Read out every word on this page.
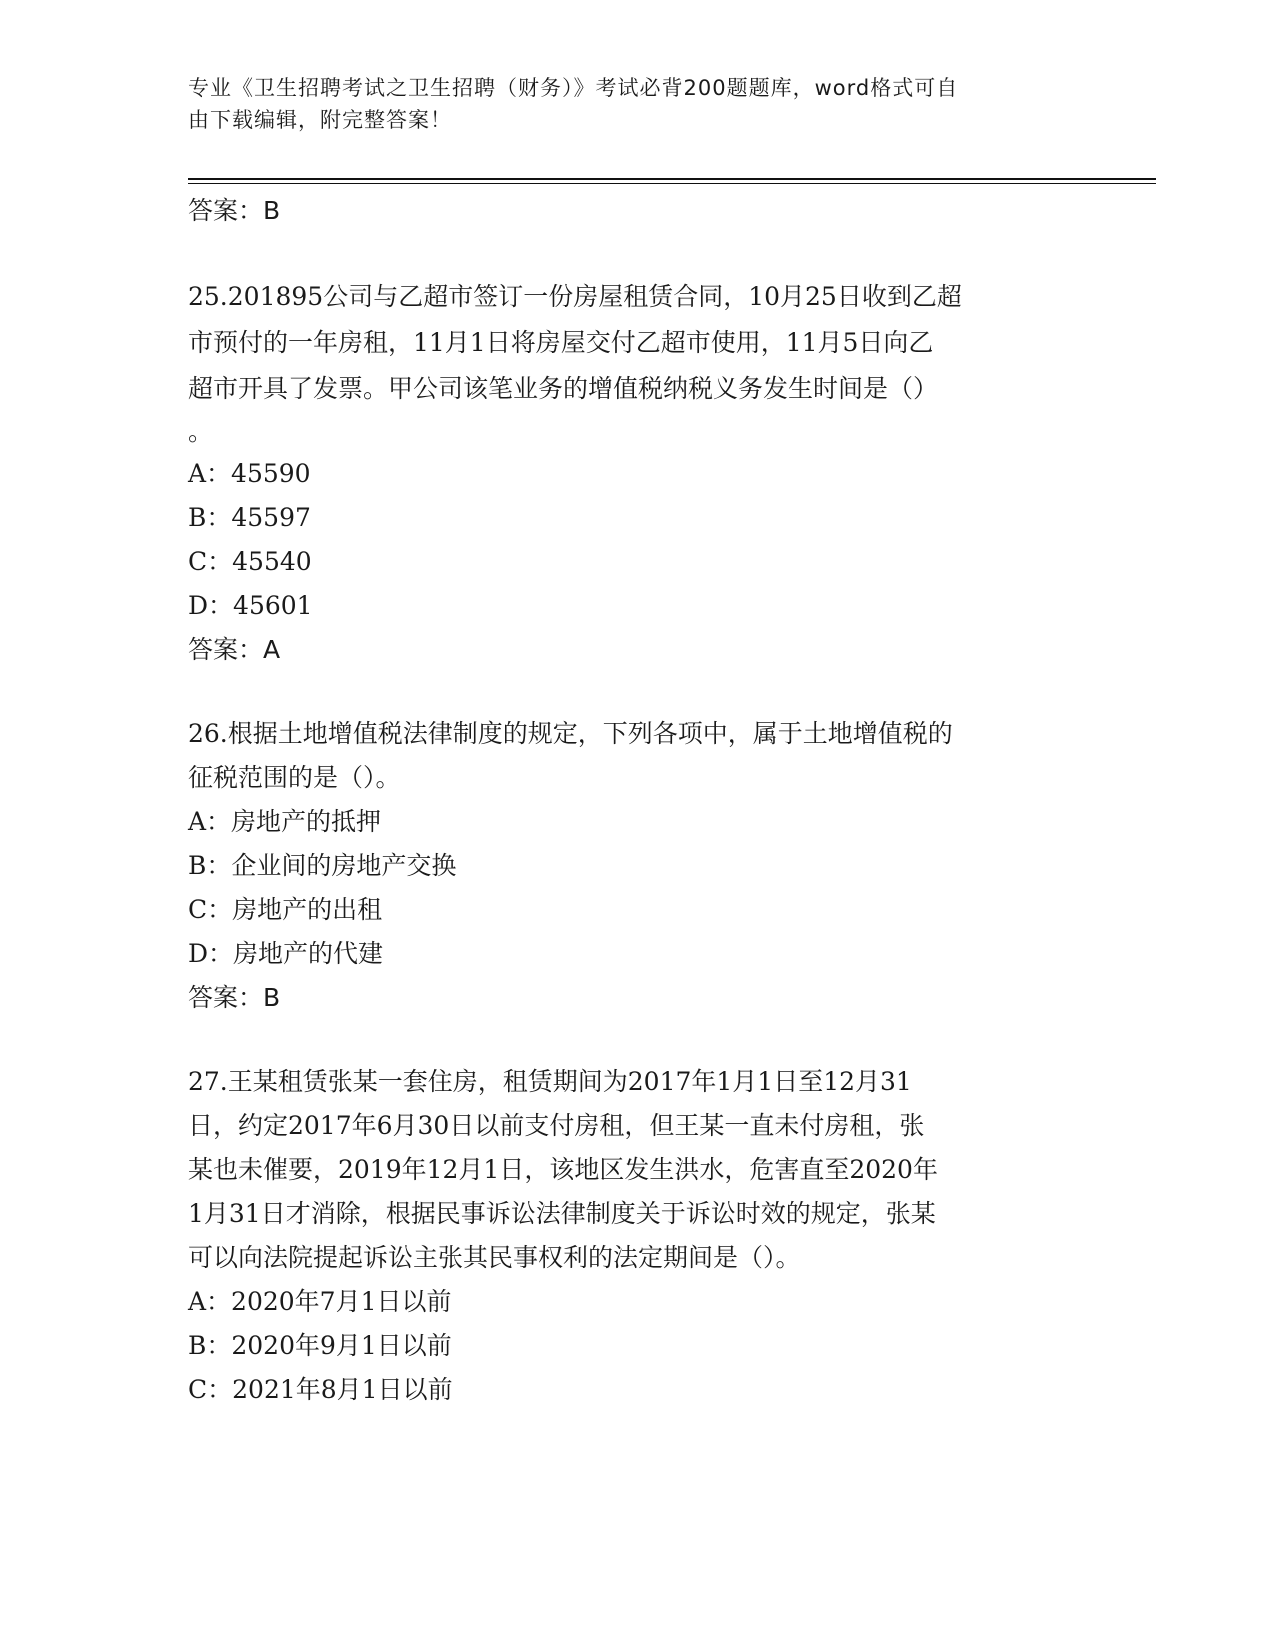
专业《卫生招聘考试之卫生招聘（财务）》考试必背200题题库，word格式可自
由下载编辑，附完整答案！

答案：B

25.201895公司与乙超市签订一份房屋租赁合同，10月25日收到乙超

市预付的一年房租，11月1日将房屋交付乙超市使用，11月5日向乙

超市开具了发票。甲公司该笔业务的增值税纳税义务发生时间是（）

。

A：45590

B：45597

C：45540

D：45601

答案：A

26.根据土地增值税法律制度的规定，下列各项中，属于土地增值税的

征税范围的是（）。

A：房地产的抵押

B：企业间的房地产交换

C：房地产的出租

D：房地产的代建

答案：B

27.王某租赁张某一套住房，租赁期间为2017年1月1日至12月31

日，约定2017年6月30日以前支付房租，但王某一直未付房租，张

某也未催要，2019年12月1日，该地区发生洪水，危害直至2020年

1月31日才消除，根据民事诉讼法律制度关于诉讼时效的规定，张某

可以向法院提起诉讼主张其民事权利的法定期间是（）。

A：2020年7月1日以前

B：2020年9月1日以前

C：2021年8月1日以前
